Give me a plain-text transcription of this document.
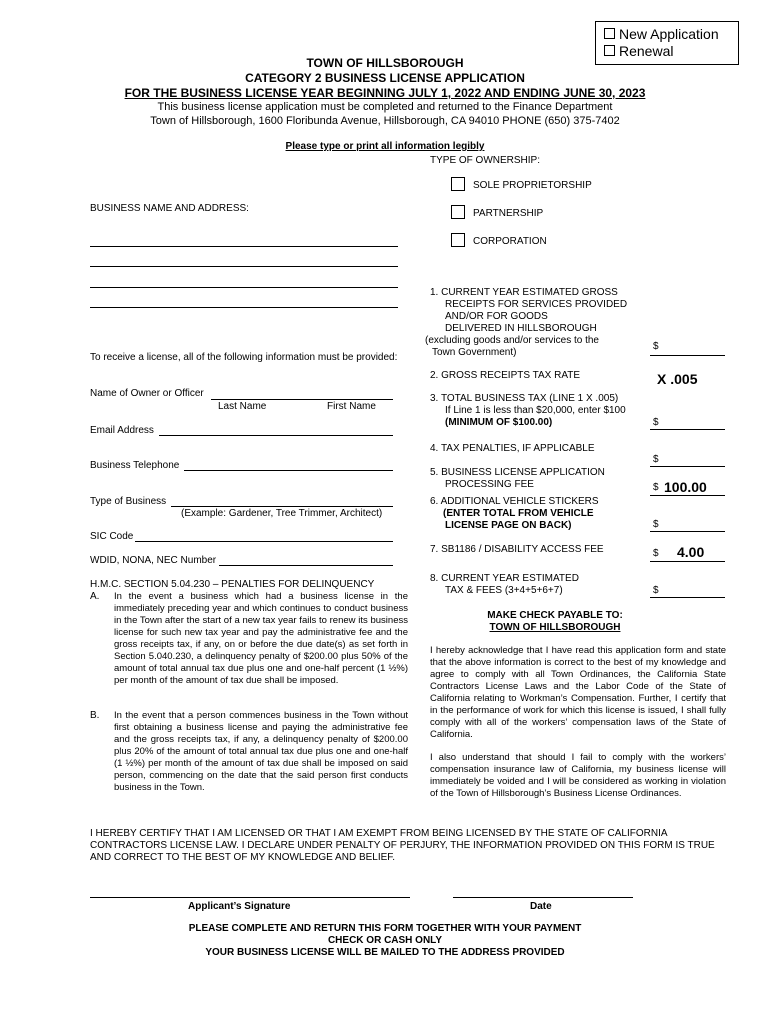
New Application
Renewal
TOWN OF HILLSBOROUGH
CATEGORY 2 BUSINESS LICENSE APPLICATION
FOR THE BUSINESS LICENSE YEAR BEGINNING JULY 1, 2022 AND ENDING JUNE 30, 2023
This business license application must be completed and returned to the Finance Department
Town of Hillsborough, 1600 Floribunda Avenue, Hillsborough, CA 94010 PHONE (650) 375-7402
Please type or print all information legibly
TYPE OF OWNERSHIP:
SOLE PROPRIETORSHIP
PARTNERSHIP
CORPORATION
BUSINESS NAME AND ADDRESS:
To receive a license, all of the following information must be provided:
Name of Owner or Officer
Last Name	First Name
Email Address
Business Telephone
Type of Business
(Example: Gardener, Tree Trimmer, Architect)
SIC Code
WDID, NONA, NEC Number
H.M.C. SECTION 5.04.230 – PENALTIES FOR DELINQUENCY
A. In the event a business which had a business license in the immediately preceding year and which continues to conduct business in the Town after the start of a new tax year fails to renew its business license for such new tax year and pay the administrative fee and the gross receipts tax, if any, on or before the due date(s) as set forth in Section 5.040.230, a delinquency penalty of $200.00 plus 50% of the amount of total annual tax due plus one and one-half percent (1 ½%) per month of the amount of tax due shall be imposed.
B. In the event that a person commences business in the Town without first obtaining a business license and paying the administrative fee and the gross receipts tax, if any, a delinquency penalty of $200.00 plus 20% of the amount of total annual tax due plus one and one-half (1 ½%) per month of the amount of tax due shall be imposed on said person, commencing on the date that the said person first conducts business in the Town.
1. CURRENT YEAR ESTIMATED GROSS
RECEIPTS FOR SERVICES PROVIDED
AND/OR FOR GOODS
DELIVERED IN HILLSBOROUGH
(excluding goods and/or services to the
Town Government)
$
2. GROSS RECEIPTS TAX RATE	X .005
3. TOTAL BUSINESS TAX (LINE 1 X .005)
If Line 1 is less than $20,000, enter $100
(MINIMUM OF $100.00)	$
4. TAX PENALTIES, IF APPLICABLE
$
5. BUSINESS LICENSE APPLICATION
PROCESSING FEE	$ 100.00
6. ADDITIONAL VEHICLE STICKERS
(ENTER TOTAL FROM VEHICLE
LICENSE PAGE ON BACK)	$
7. SB1186 / DISABILITY ACCESS FEE	$ 4.00
8. CURRENT YEAR ESTIMATED
TAX & FEES (3+4+5+6+7)	$
MAKE CHECK PAYABLE TO:
TOWN OF HILLSBOROUGH
I hereby acknowledge that I have read this application form and state that the above information is correct to the best of my knowledge and agree to comply with all Town Ordinances, the California State Contractors License Laws and the Labor Code of the State of California relating to Workman’s Compensation. Further, I certify that in the performance of work for which this license is issued, I shall fully comply with all of the workers’ compensation laws of the State of California.
I also understand that should I fail to comply with the workers’ compensation insurance law of California, my business license will immediately be voided and I will be considered as working in violation of the Town of Hillsborough’s Business License Ordinances.
I HEREBY CERTIFY THAT I AM LICENSED OR THAT I AM EXEMPT FROM BEING LICENSED BY THE STATE OF CALIFORNIA CONTRACTORS LICENSE LAW. I DECLARE UNDER PENALTY OF PERJURY, THE INFORMATION PROVIDED ON THIS FORM IS TRUE AND CORRECT TO THE BEST OF MY KNOWLEDGE AND BELIEF.
Applicant’s Signature	Date
PLEASE COMPLETE AND RETURN THIS FORM TOGETHER WITH YOUR PAYMENT
CHECK OR CASH ONLY
YOUR BUSINESS LICENSE WILL BE MAILED TO THE ADDRESS PROVIDED
